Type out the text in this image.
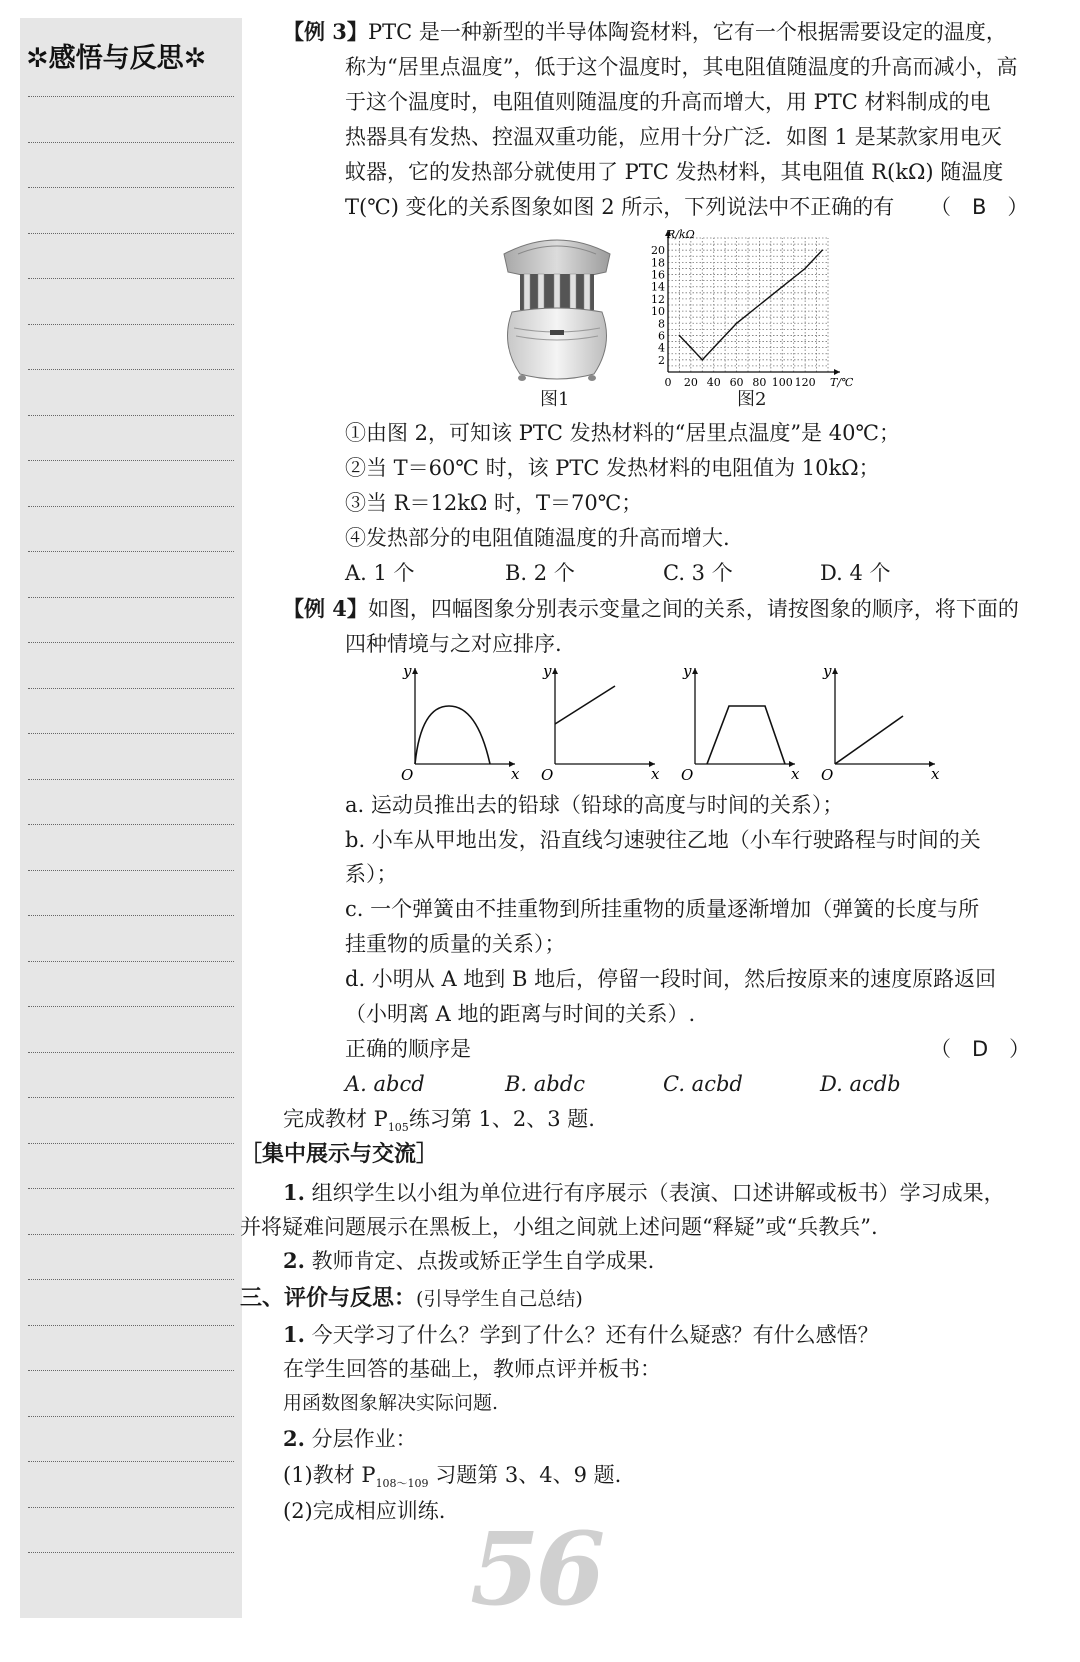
✲感悟与反思✲
56
【例 3】PTC 是一种新型的半导体陶瓷材料，它有一个根据需要设定的温度，
称为“居里点温度”，低于这个温度时，其电阻值随温度的升高而减小，高
于这个温度时，电阻值则随温度的升高而增大，用 PTC 材料制成的电
热器具有发热、控温双重功能，应用十分广泛．如图 1 是某款家用电灭
蚊器，它的发热部分就使用了 PTC 发热材料，其电阻值 R(kΩ) 随温度
T(℃) 变化的关系图象如图 2 所示，下列说法中不正确的有 （　B　）
图1
2
4
6
8
10
12
14
16
18
20
0 20 40 60 80 100 120 T/℃
R/kΩ
图2
①由图 2，可知该 PTC 发热材料的“居里点温度”是 40℃；
②当 T＝60℃ 时，该 PTC 发热材料的电阻值为 10kΩ；
③当 R＝12kΩ 时，T＝70℃；
④发热部分的电阻值随温度的升高而增大.
A. 1 个	B. 2 个	C. 3 个	D. 4 个
【例 4】如图，四幅图象分别表示变量之间的关系，请按图象的顺序，将下面的
四种情境与之对应排序.
y
x
O
y
x
O
y
x
O
y
x
O
a. 运动员推出去的铅球（铅球的高度与时间的关系）；
b. 小车从甲地出发，沿直线匀速驶往乙地（小车行驶路程与时间的关
系）；
c. 一个弹簧由不挂重物到所挂重物的质量逐渐增加（弹簧的长度与所
挂重物的质量的关系）；
d. 小明从 A 地到 B 地后，停留一段时间，然后按原来的速度原路返回
（小明离 A 地的距离与时间的关系）.
正确的顺序是	（　D　）
A. abcd	B. abdc	C. acbd	D. acdb
完成教材 $P_{105}$练习第 1、2、3 题.
［集中展示与交流］
1. 组织学生以小组为单位进行有序展示（表演、口述讲解或板书）学习成果，
并将疑难问题展示在黑板上，小组之间就上述问题“释疑”或“兵教兵”.
2. 教师肯定、点拨或矫正学生自学成果.
三、评价与反思：(引导学生自己总结)
1. 今天学习了什么？学到了什么？还有什么疑惑？有什么感悟？
在学生回答的基础上，教师点评并板书：
用函数图象解决实际问题.
2. 分层作业：
(1)教材 $P_{108\sim 109}$ 习题第 3、4、9 题.
(2)完成相应训练.
